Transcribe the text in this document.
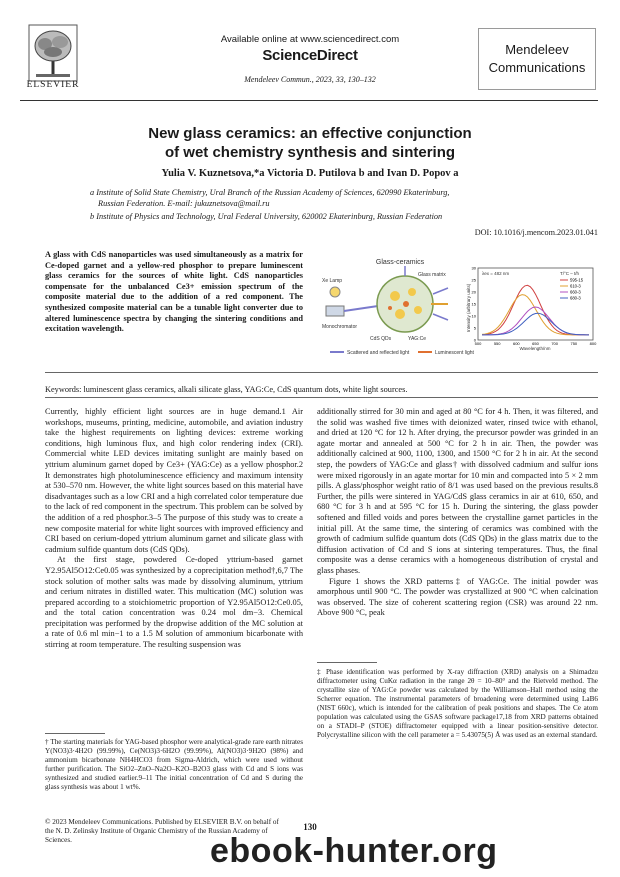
ELSEVIER
Available online at www.sciencedirect.com
ScienceDirect
Mendeleev Commun., 2023, 33, 130–132
Mendeleev
Communications
New glass ceramics: an effective conjunction
of wet chemistry synthesis and sintering
Yulia V. Kuznetsova,*a Victoria D. Putilova b and Ivan D. Popov a
a Institute of Solid State Chemistry, Ural Branch of the Russian Academy of Sciences, 620990 Ekaterinburg,
Russian Federation. E-mail: jukuznetsova@mail.ru
b Institute of Physics and Technology, Ural Federal University, 620002 Ekaterinburg, Russian Federation
DOI: 10.1016/j.mencom.2023.01.041
A glass with CdS nanoparticles was used simultaneously as a matrix for Ce-doped garnet and a yellow-red phosphor to prepare luminescent glass ceramics for the sources of white light. CdS nanoparticles compensate for the unbalanced Ce3+ emission spectrum of the composite material due to the addition of a red component. The synthesized composite material can be a tunable light converter due to altered luminescence spectra by changing the sintering conditions and excitation wavelength.
Glass-ceramics
Xe Lamp
Monochromator
Glass matrix
CdS QDs	YAG:Ce
Scattered and reflected light	Luminescent light
Intensity (arbitrary units)
Wavelength/nm
λex = 482 nm	T/°C – t/h
0
5
10
15
20
25
30
500	550	600	650	700	750	800
595-15
610-3
660-3
680-3
Keywords: luminescent glass ceramics, alkali silicate glass, YAG:Ce, CdS quantum dots, white light sources.

Currently, highly efficient light sources are in huge demand.1 Air workshops, museums, printing, medicine, automobile, and aviation industry take the highest requirements on lighting devices: extreme working conditions, high luminous flux, and high color rendering index (CRI). Commercial white LED devices imitating sunlight are mainly based on yttrium aluminum garnet doped by Ce3+ (YAG:Ce) as a yellow phosphor.2 It demonstrates high photoluminescence efficiency and maximum intensity at 530–570 nm. However, the white light sources based on this material have disadvantages such as a low CRI and a high correlated color temperature due to the lack of red component in the spectrum. This problem can be solved by the addition of a red phosphor.3–5 The purpose of this study was to create a new composite material for white light sources with improved efficiency and CRI based on cerium-doped yttrium aluminum garnet and silicate glass with cadmium sulfide quantum dots (CdS QDs).

At the first stage, powdered Ce-doped yttrium-based garnet Y2.95Al5O12:Ce0.05 was synthesized by a coprecipitation method†,6,7 The stock solution of mother salts was made by dissolving aluminum, yttrium and cerium nitrates in distilled water. This multication (MC) solution was prepared according to a stoichiometric proportion of Y2.95Al5O12:Ce0.05, and the total cation concentration was 0.24 mol dm−3. Chemical precipitation was performed by the dropwise addition of the MC solution at a rate of 0.6 ml min−1 to a 1.5 M solution of ammonium bicarbonate with stirring at room temperature. The resulting suspension was

additionally stirred for 30 min and aged at 80 °C for 4 h. Then, it was filtered, and the solid was washed five times with deionized water, rinsed twice with ethanol, and dried at 120 °C for 12 h. After drying, the precursor powder was grinded in an agate mortar and annealed at 500 °C for 2 h in air. Then, the powder was additionally calcined at 900, 1100, 1300, and 1500 °C for 2 h in air. At the second step, the powders of YAG:Ce and glass† with dissolved cadmium and sulfur ions were mixed rigorously in an agate mortar for 10 min and compacted into 5 × 2 mm pills. A glass/phosphor weight ratio of 8/1 was used based on the previous results.8 Further, the pills were sintered in YAG/CdS glass ceramics in air at 610, 650, and 680 °C for 3 h and at 595 °C for 15 h. During the sintering, the glass powder softened and filled voids and pores between the crystalline garnet particles in the initial pill. At the same time, the sintering of ceramics was combined with the growth of cadmium sulfide quantum dots (CdS QDs) in the glass matrix due to the diffusion activation of Cd and S ions at sintering temperatures. Thus, the final composite was a dense ceramics with a homogeneous distribution of crystal and glass phases.

Figure 1 shows the XRD patterns‡ of YAG:Ce. The initial powder was amorphous until 900 °C. The powder was crystallized at 900 °C when calcination was observed. The size of coherent scattering region (CSR) was around 22 nm. Above 900 °C, peak

† The starting materials for YAG-based phosphor were analytical-grade rare earth nitrates Y(NO3)3·4H2O (99.99%), Ce(NO3)3·6H2O (99.99%), Al(NO3)3·9H2O (98%) and ammonium bicarbonate NH4HCO3 from Sigma-Aldrich, which were used without further purification. The SiO2–ZnO–Na2O–K2O–B2O3 glass with Cd and S ions was synthesized and studied earlier.9–11 The initial concentration of Cd and S during the glass synthesis was about 1 wt%.
‡ Phase identification was performed by X-ray diffraction (XRD) analysis on a Shimadzu diffractometer using CuKα radiation in the range 2θ = 10–80° and the Rietveld method. The crystallite size of YAG:Ce powder was calculated by the Williamson–Hall method using the Scherrer equation. The instrumental parameters of broadening were determined using LaB6 (NIST 660c), which is intended for the calibration of peak positions and shapes. The Ce atom population was calculated using the GSAS software package17,18 from XRD patterns obtained on a STADI–P (STOE) diffractometer equipped with a linear position-sensitive detector. Polycrystalline silicon with the cell parameter a = 5.43075(5) Å was used as an external standard.
© 2023 Mendeleev Communications. Published by ELSEVIER B.V. on behalf of the N. D. Zelinsky Institute of Organic Chemistry of the Russian Academy of Sciences.
130
ebook-hunter.org
